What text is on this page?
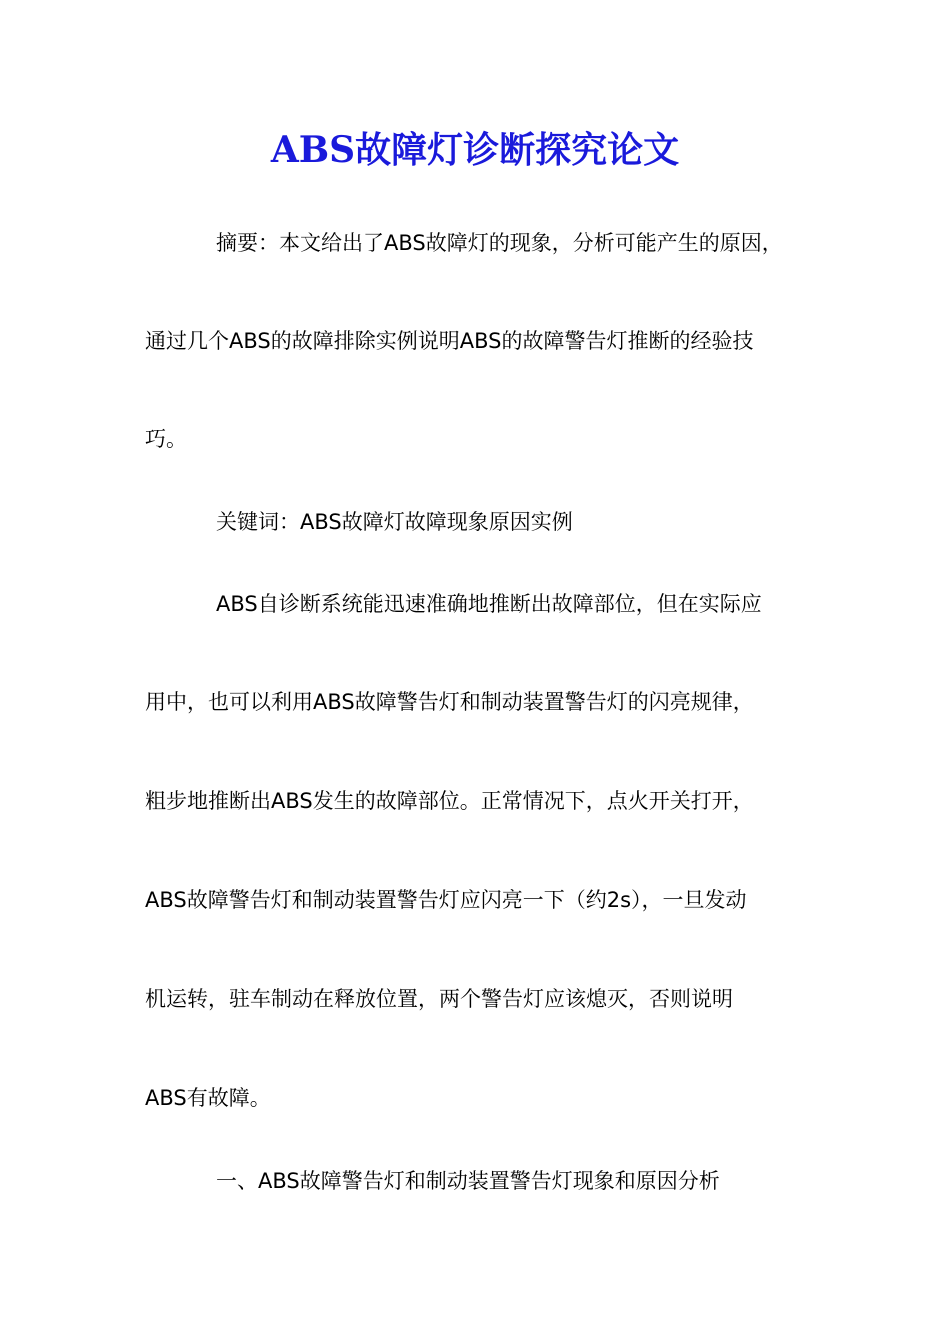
ABS故障灯诊断探究论文
摘要：本文给出了ABS故障灯的现象，分析可能产生的原因，
通过几个ABS的故障排除实例说明ABS的故障警告灯推断的经验技
巧。
关键词：ABS故障灯故障现象原因实例
ABS自诊断系统能迅速准确地推断出故障部位，但在实际应
用中，也可以利用ABS故障警告灯和制动装置警告灯的闪亮规律，
粗步地推断出ABS发生的故障部位。正常情况下，点火开关打开，
ABS故障警告灯和制动装置警告灯应闪亮一下（约2s），一旦发动
机运转，驻车制动在释放位置，两个警告灯应该熄灭，否则说明
ABS有故障。
一、ABS故障警告灯和制动装置警告灯现象和原因分析
